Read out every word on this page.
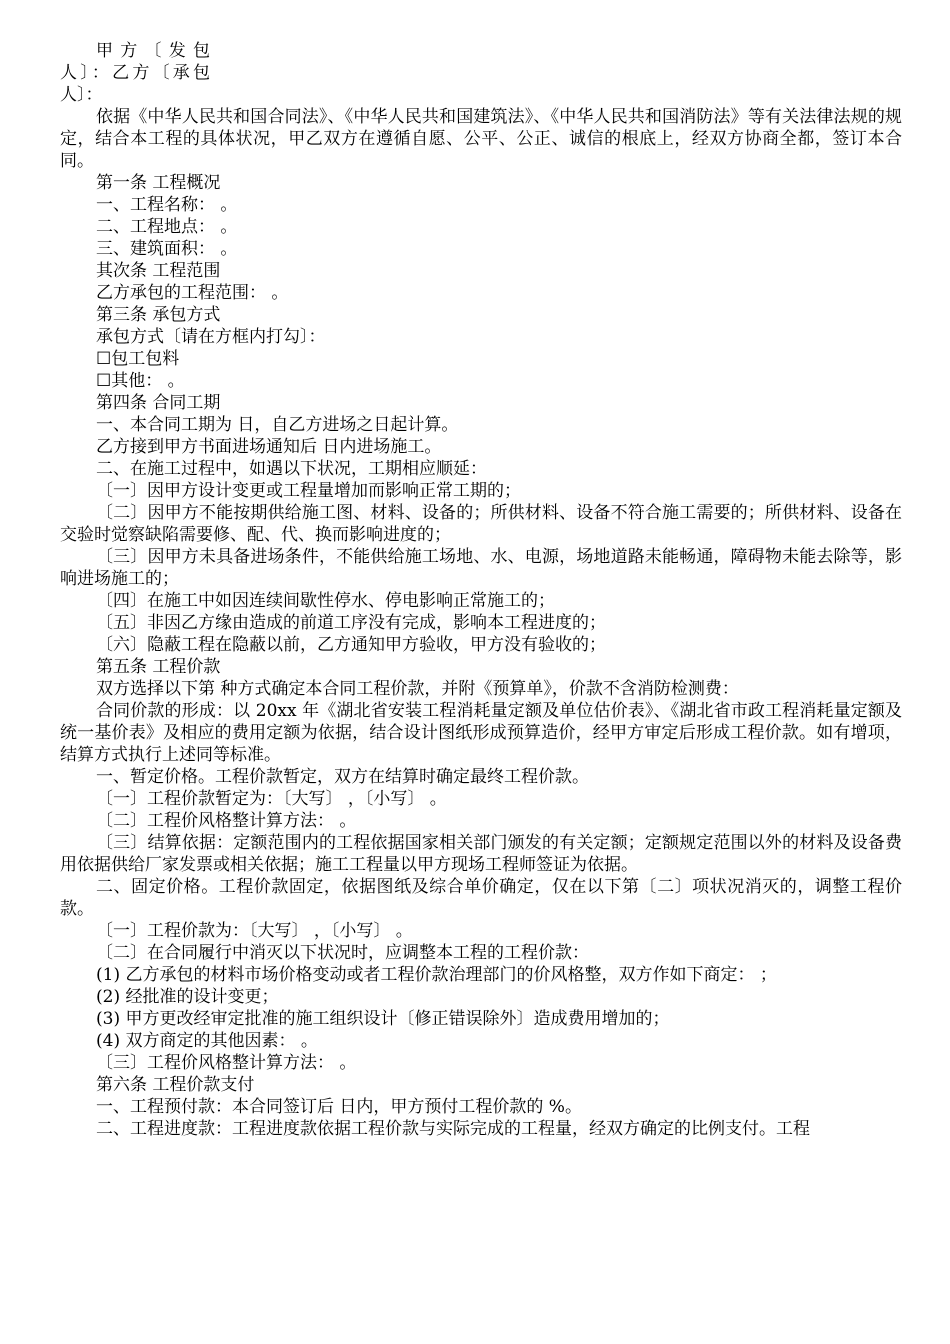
甲方〔发包人〕：乙方〔承包人〕：

依据《中华人民共和国合同法》、《中华人民共和国建筑法》、《中华人民共和国消防法》等有关法律法规的规定，结合本工程的具体状况，甲乙双方在遵循自愿、公平、公正、诚信的根底上，经双方协商全都，签订本合同。

第一条 工程概况

一、工程名称： 。

二、工程地点： 。

三、建筑面积： 。

其次条 工程范围

乙方承包的工程范围： 。

第三条 承包方式

承包方式〔请在方框内打勾〕：

☐包工包料

☐其他： 。

第四条 合同工期

一、本合同工期为 日，自乙方进场之日起计算。

乙方接到甲方书面进场通知后 日内进场施工。

二、在施工过程中，如遇以下状况，工期相应顺延：

〔一〕因甲方设计变更或工程量增加而影响正常工期的；

〔二〕因甲方不能按期供给施工图、材料、设备的；所供材料、设备不符合施工需要的；所供材料、设备在交验时觉察缺陷需要修、配、代、换而影响进度的；

〔三〕因甲方未具备进场条件，不能供给施工场地、水、电源，场地道路未能畅通，障碍物未能去除等，影响进场施工的；

〔四〕在施工中如因连续间歇性停水、停电影响正常施工的；

〔五〕非因乙方缘由造成的前道工序没有完成，影响本工程进度的；

〔六〕隐蔽工程在隐蔽以前，乙方通知甲方验收，甲方没有验收的；

第五条 工程价款

双方选择以下第 种方式确定本合同工程价款，并附《预算单》，价款不含消防检测费：

合同价款的形成：以 20xx 年《湖北省安装工程消耗量定额及单位估价表》、《湖北省市政工程消耗量定额及统一基价表》及相应的费用定额为依据，结合设计图纸形成预算造价，经甲方审定后形成工程价款。如有增项，结算方式执行上述同等标准。

一、暂定价格。工程价款暂定，双方在结算时确定最终工程价款。

〔一〕工程价款暂定为：〔大写〕 ，〔小写〕 。

〔二〕工程价风格整计算方法： 。

〔三〕结算依据：定额范围内的工程依据国家相关部门颁发的有关定额；定额规定范围以外的材料及设备费用依据供给厂家发票或相关依据；施工工程量以甲方现场工程师签证为依据。

二、固定价格。工程价款固定，依据图纸及综合单价确定，仅在以下第〔二〕项状况消灭的，调整工程价款。

〔一〕工程价款为：〔大写〕 ，〔小写〕 。

〔二〕在合同履行中消灭以下状况时，应调整本工程的工程价款：

(1) 乙方承包的材料市场价格变动或者工程价款治理部门的价风格整，双方作如下商定： ；

(2) 经批准的设计变更；

(3) 甲方更改经审定批准的施工组织设计〔修正错误除外〕造成费用增加的；

(4) 双方商定的其他因素： 。

〔三〕工程价风格整计算方法： 。

第六条 工程价款支付

一、工程预付款：本合同签订后 日内，甲方预付工程价款的 %。

二、工程进度款：工程进度款依据工程价款与实际完成的工程量，经双方确定的比例支付。工程
